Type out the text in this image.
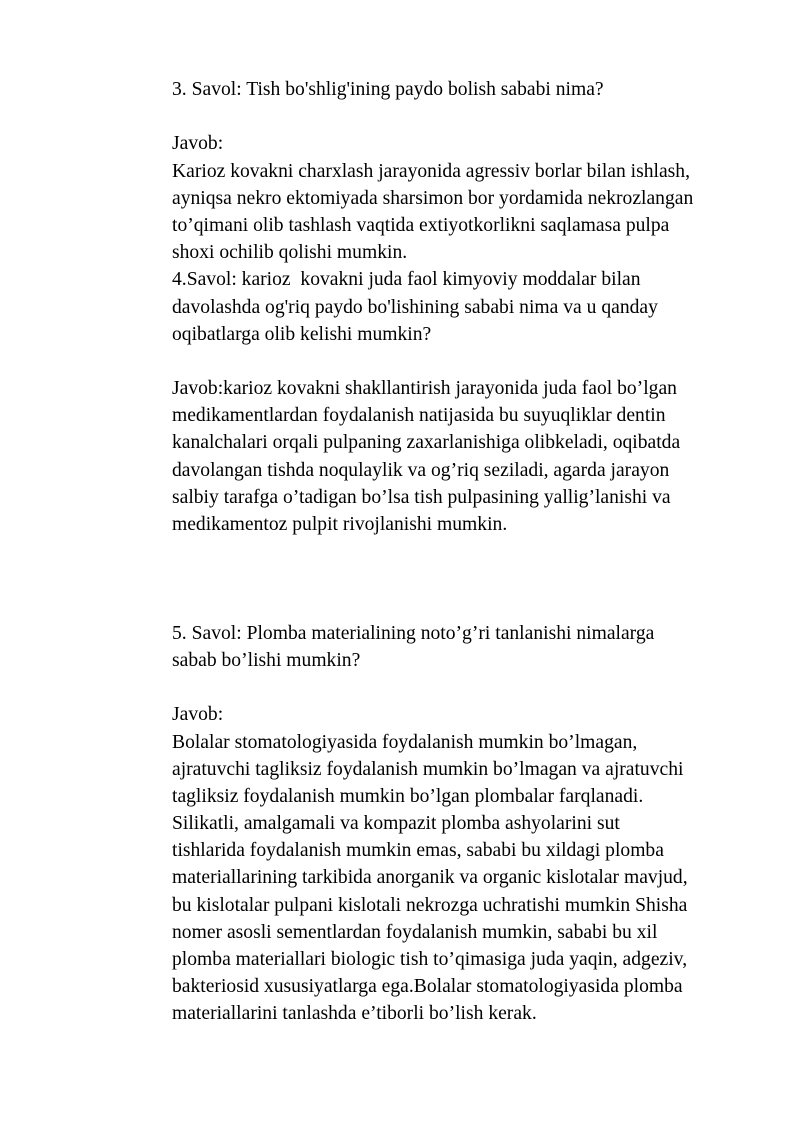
3. Savol: Tish bo'shlig'ining paydo bolish sababi nima?
Javob:
Karioz kovakni charxlash jarayonida agressiv borlar bilan ishlash,
ayniqsa nekro ektomiyada sharsimon bor yordamida nekrozlangan
to’qimani olib tashlash vaqtida extiyotkorlikni saqlamasa pulpa
shoxi ochilib qolishi mumkin.
4.Savol: karioz  kovakni juda faol kimyoviy moddalar bilan
davolashda og'riq paydo bo'lishining sababi nima va u qanday
oqibatlarga olib kelishi mumkin?
Javob:karioz kovakni shakllantirish jarayonida juda faol bo’lgan
medikamentlardan foydalanish natijasida bu suyuqliklar dentin
kanalchalari orqali pulpaning zaxarlanishiga olibkeladi, oqibatda
davolangan tishda noqulaylik va og’riq seziladi, agarda jarayon
salbiy tarafga o’tadigan bo’lsa tish pulpasining yallig’lanishi va
medikamentoz pulpit rivojlanishi mumkin.
5. Savol: Plomba materialining noto’g’ri tanlanishi nimalarga
sabab bo’lishi mumkin?
Javob:
Bolalar stomatologiyasida foydalanish mumkin bo’lmagan,
ajratuvchi tagliksiz foydalanish mumkin bo’lmagan va ajratuvchi
tagliksiz foydalanish mumkin bo’lgan plombalar farqlanadi.
Silikatli, amalgamali va kompazit plomba ashyolarini sut
tishlarida foydalanish mumkin emas, sababi bu xildagi plomba
materiallarining tarkibida anorganik va organic kislotalar mavjud,
bu kislotalar pulpani kislotali nekrozga uchratishi mumkin Shisha
nomer asosli sementlardan foydalanish mumkin, sababi bu xil
plomba materiallari biologic tish to’qimasiga juda yaqin, adgeziv,
bakteriosid xususiyatlarga ega.Bolalar stomatologiyasida plomba
materiallarini tanlashda e’tiborli bo’lish kerak.
